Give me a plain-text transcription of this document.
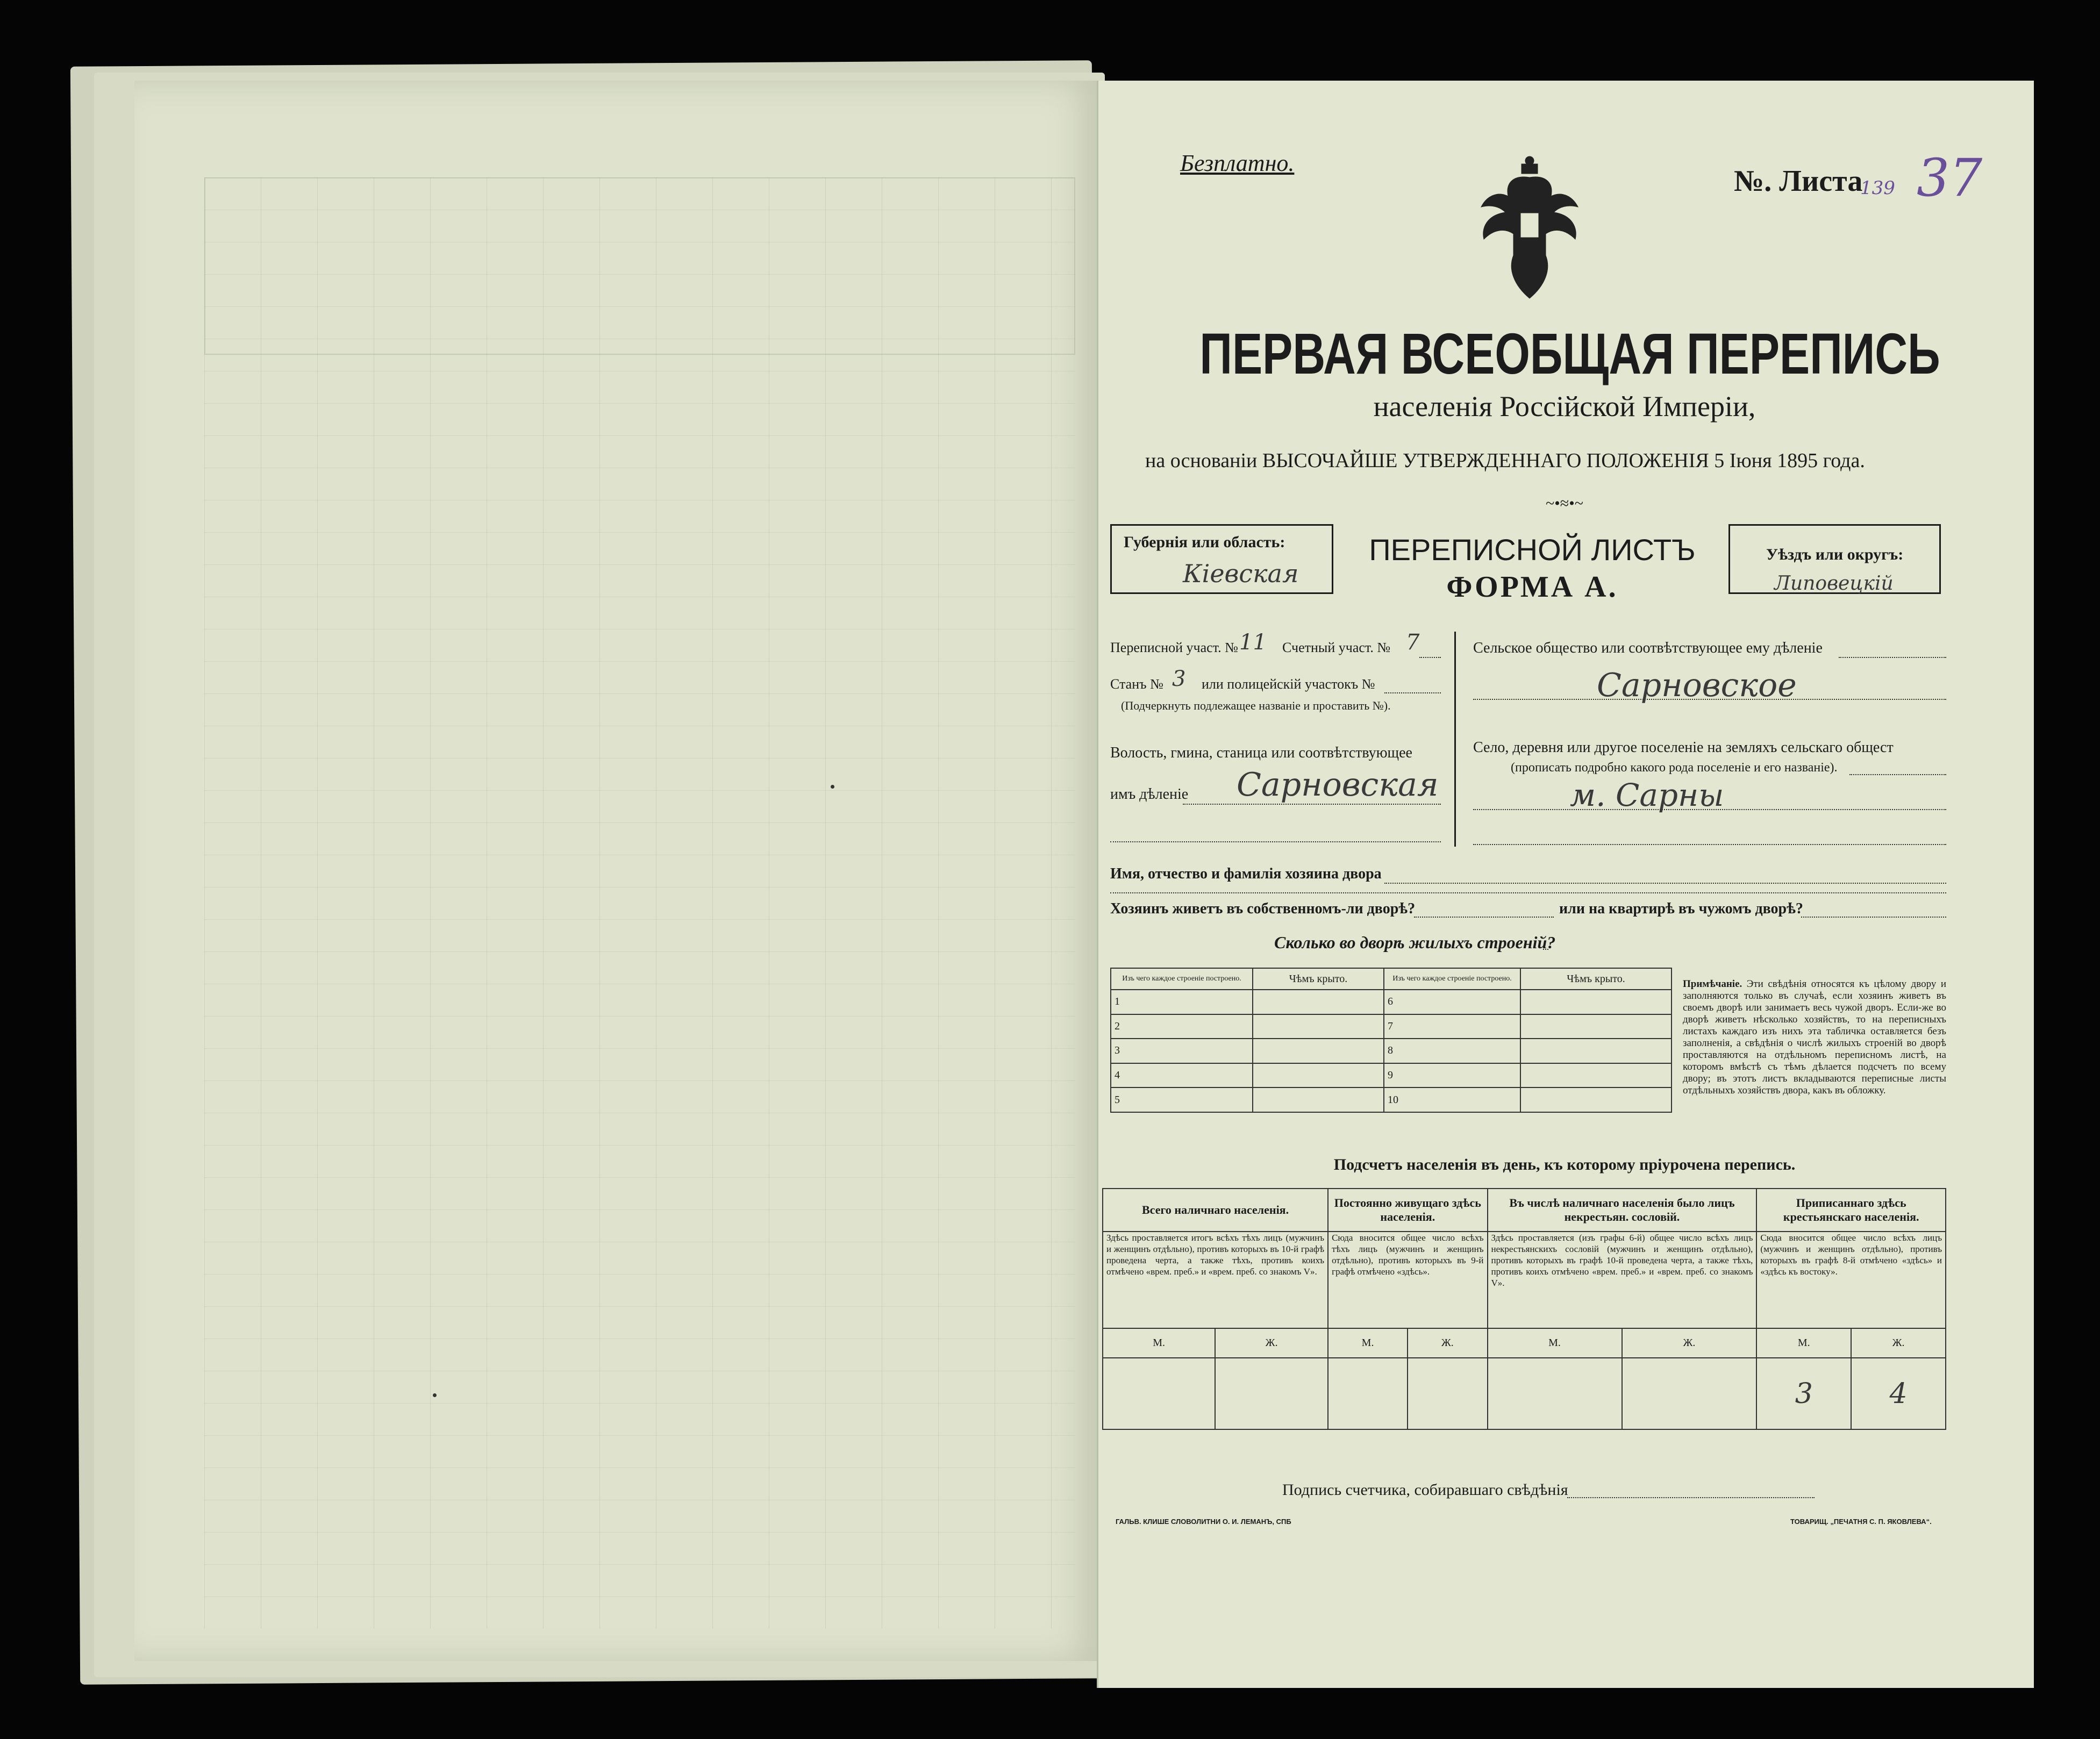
Безплатно.
№. Листа
139 37
ПЕРВАЯ ВСЕОБЩАЯ ПЕРЕПИСЬ
населенія Россійской Имперіи,
на основаніи ВЫСОЧАЙШЕ УТВЕРЖДЕННАГО ПОЛОЖЕНІЯ 5 Іюня 1895 года.
~•≈•~
Губернія или область:
Кіевская
ПЕРЕПИСНОЙ ЛИСТЪ
ФОРМА А.
Уѣздъ или округъ:
Липовецкій
Переписной участ. № 11 Счетный участ. № 7
Станъ № 3 или полицейскій участокъ №
(Подчеркнуть подлежащее названіе и проставить №).
Волость, гмина, станица или соотвѣтствующее
имъ дѣленіе Сарновская
Сельское общество или соотвѣтствующее ему дѣленіе
Сарновское
Село, деревня или другое поселеніе на земляхъ сельскаго общест
(прописать подробно какого рода поселеніе и его названіе).
м. Сарны
Имя, отчество и фамилія хозяина двора
Хозяинъ живетъ въ собственномъ-ли дворѣ?	или на квартирѣ въ чужомъ дворѣ?
Сколько во дворѣ жилыхъ строеній?
Изъ чего каждое строеніе построено.	Чѣмъ крыто.	Изъ чего каждое строеніе построено.	Чѣмъ крыто.
1		6	
2		7	
3		8	
4		9	
5		10	
Примѣчаніе. Эти свѣдѣнія относятся къ цѣлому двору и заполняются только въ случаѣ, если хозяинъ живетъ въ своемъ дворѣ или занимаетъ весь чужой дворъ. Если-же во дворѣ живетъ нѣсколько хозяйствъ, то на переписныхъ листахъ каждаго изъ нихъ эта табличка оставляется безъ заполненія, а свѣдѣнія о числѣ жилыхъ строеній во дворѣ проставляются на отдѣльномъ переписномъ листѣ, на которомъ вмѣстѣ съ тѣмъ дѣлается подсчетъ по всему двору; въ этотъ листъ вкладываются переписные листы отдѣльныхъ хозяйствъ двора, какъ въ обложку.
Подсчетъ населенія въ день, къ которому пріурочена перепись.
Всего наличнаго населенія.		Постоянно живущаго здѣсь населенія.		Въ числѣ наличнаго населенія было лицъ некрестьян. сословій.		Приписаннаго здѣсь крестьянскаго населенія.	
Здѣсь проставляется итогъ всѣхъ тѣхъ лицъ (мужчинъ и женщинъ отдѣльно), противъ которыхъ въ 10-й графѣ проведена черта, а также тѣхъ, противъ коихъ отмѣчено «врем. преб.» и «врем. преб. со знакомъ V».		Сюда вносится общее число всѣхъ тѣхъ лицъ (мужчинъ и женщинъ отдѣльно), противъ которыхъ въ 9-й графѣ отмѣчено «здѣсь».		Здѣсь проставляется (изъ графы 6-й) общее число всѣхъ лицъ некрестьянскихъ сословій (мужчинъ и женщинъ отдѣльно), противъ которыхъ въ графѣ 10-й проведена черта, а также тѣхъ, противъ коихъ отмѣчено «врем. преб.» и «врем. преб. со знакомъ V».		Сюда вносится общее число всѣхъ лицъ (мужчинъ и женщинъ отдѣльно), противъ которыхъ въ графѣ 8-й отмѣчено «здѣсь» и «здѣсь къ востоку».	
М.	Ж.	М.	Ж.	М.	Ж.	М.	Ж.
						3	4
Подпись счетчика, собиравшаго свѣдѣнія
ГАЛЬВ. КЛИШЕ СЛОВОЛИТНИ О. И. ЛЕМАНЪ, СПБ	ТОВАРИЩ. „ПЕЧАТНЯ С. П. ЯКОВЛЕВА“.
